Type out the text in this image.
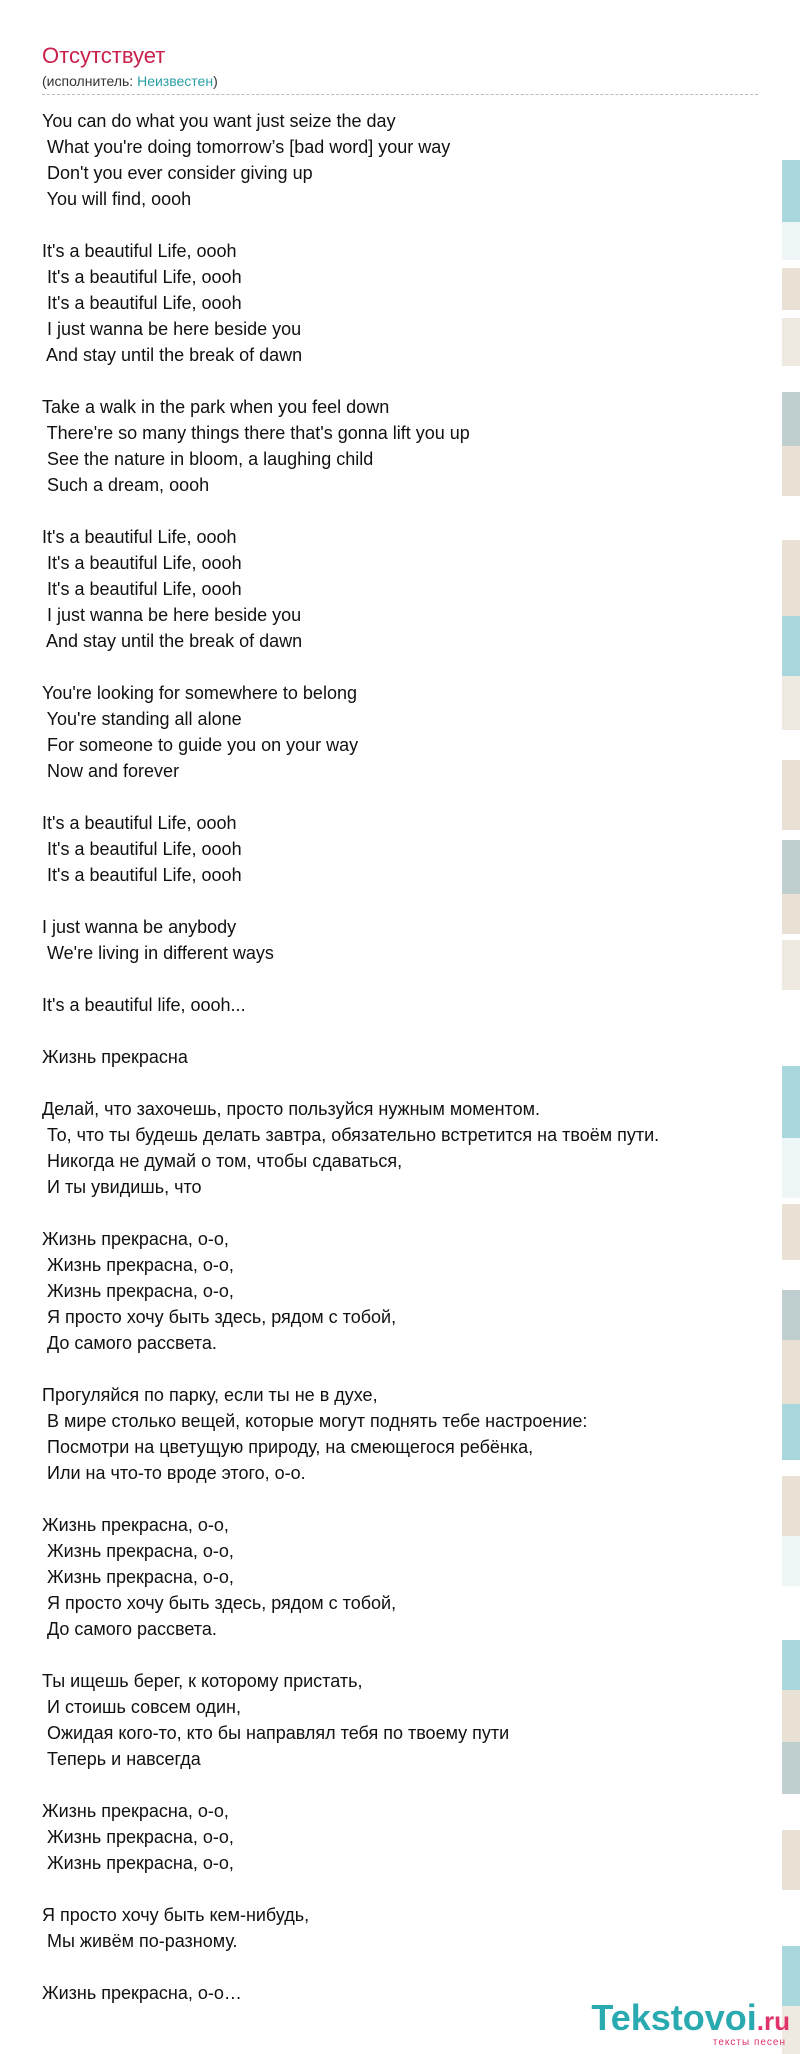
Отсутствует
(исполнитель: Неизвестен)
You can do what you want just seize the day
What you're doing tomorrow’s [bad word] your way
Don't you ever consider giving up
You will find, oooh
It's a beautiful Life, oooh
It's a beautiful Life, oooh
It's a beautiful Life, oooh
I just wanna be here beside you
And stay until the break of dawn
Take a walk in the park when you feel down
There're so many things there that's gonna lift you up
See the nature in bloom, a laughing child
Such a dream, oooh
It's a beautiful Life, oooh
It's a beautiful Life, oooh
It's a beautiful Life, oooh
I just wanna be here beside you
And stay until the break of dawn
You're looking for somewhere to belong
You're standing all alone
For someone to guide you on your way
Now and forever
It's a beautiful Life, oooh
It's a beautiful Life, oooh
It's a beautiful Life, oooh
I just wanna be anybody
We're living in different ways
It's a beautiful life, oooh...
Жизнь прекрасна
Делай, что захочешь, просто пользуйся нужным моментом.
То, что ты будешь делать завтра, обязательно встретится на твоём пути.
Никогда не думай о том, чтобы сдаваться,
И ты увидишь, что
Жизнь прекрасна, о-о,
Жизнь прекрасна, о-о,
Жизнь прекрасна, о-о,
Я просто хочу быть здесь, рядом с тобой,
До самого рассвета.
Прогуляйся по парку, если ты не в духе,
В мире столько вещей, которые могут поднять тебе настроение:
Посмотри на цветущую природу, на смеющегося ребёнка,
Или на что-то вроде этого, о-о.
Жизнь прекрасна, о-о,
Жизнь прекрасна, о-о,
Жизнь прекрасна, о-о,
Я просто хочу быть здесь, рядом с тобой,
До самого рассвета.
Ты ищешь берег, к которому пристать,
И стоишь совсем один,
Ожидая кого-то, кто бы направлял тебя по твоему пути
Теперь и навсегда
Жизнь прекрасна, о-о,
Жизнь прекрасна, о-о,
Жизнь прекрасна, о-о,
Я просто хочу быть кем-нибудь,
Мы живём по-разному.
Жизнь прекрасна, о-о…
Tekstovoi.ru
тексты песен
